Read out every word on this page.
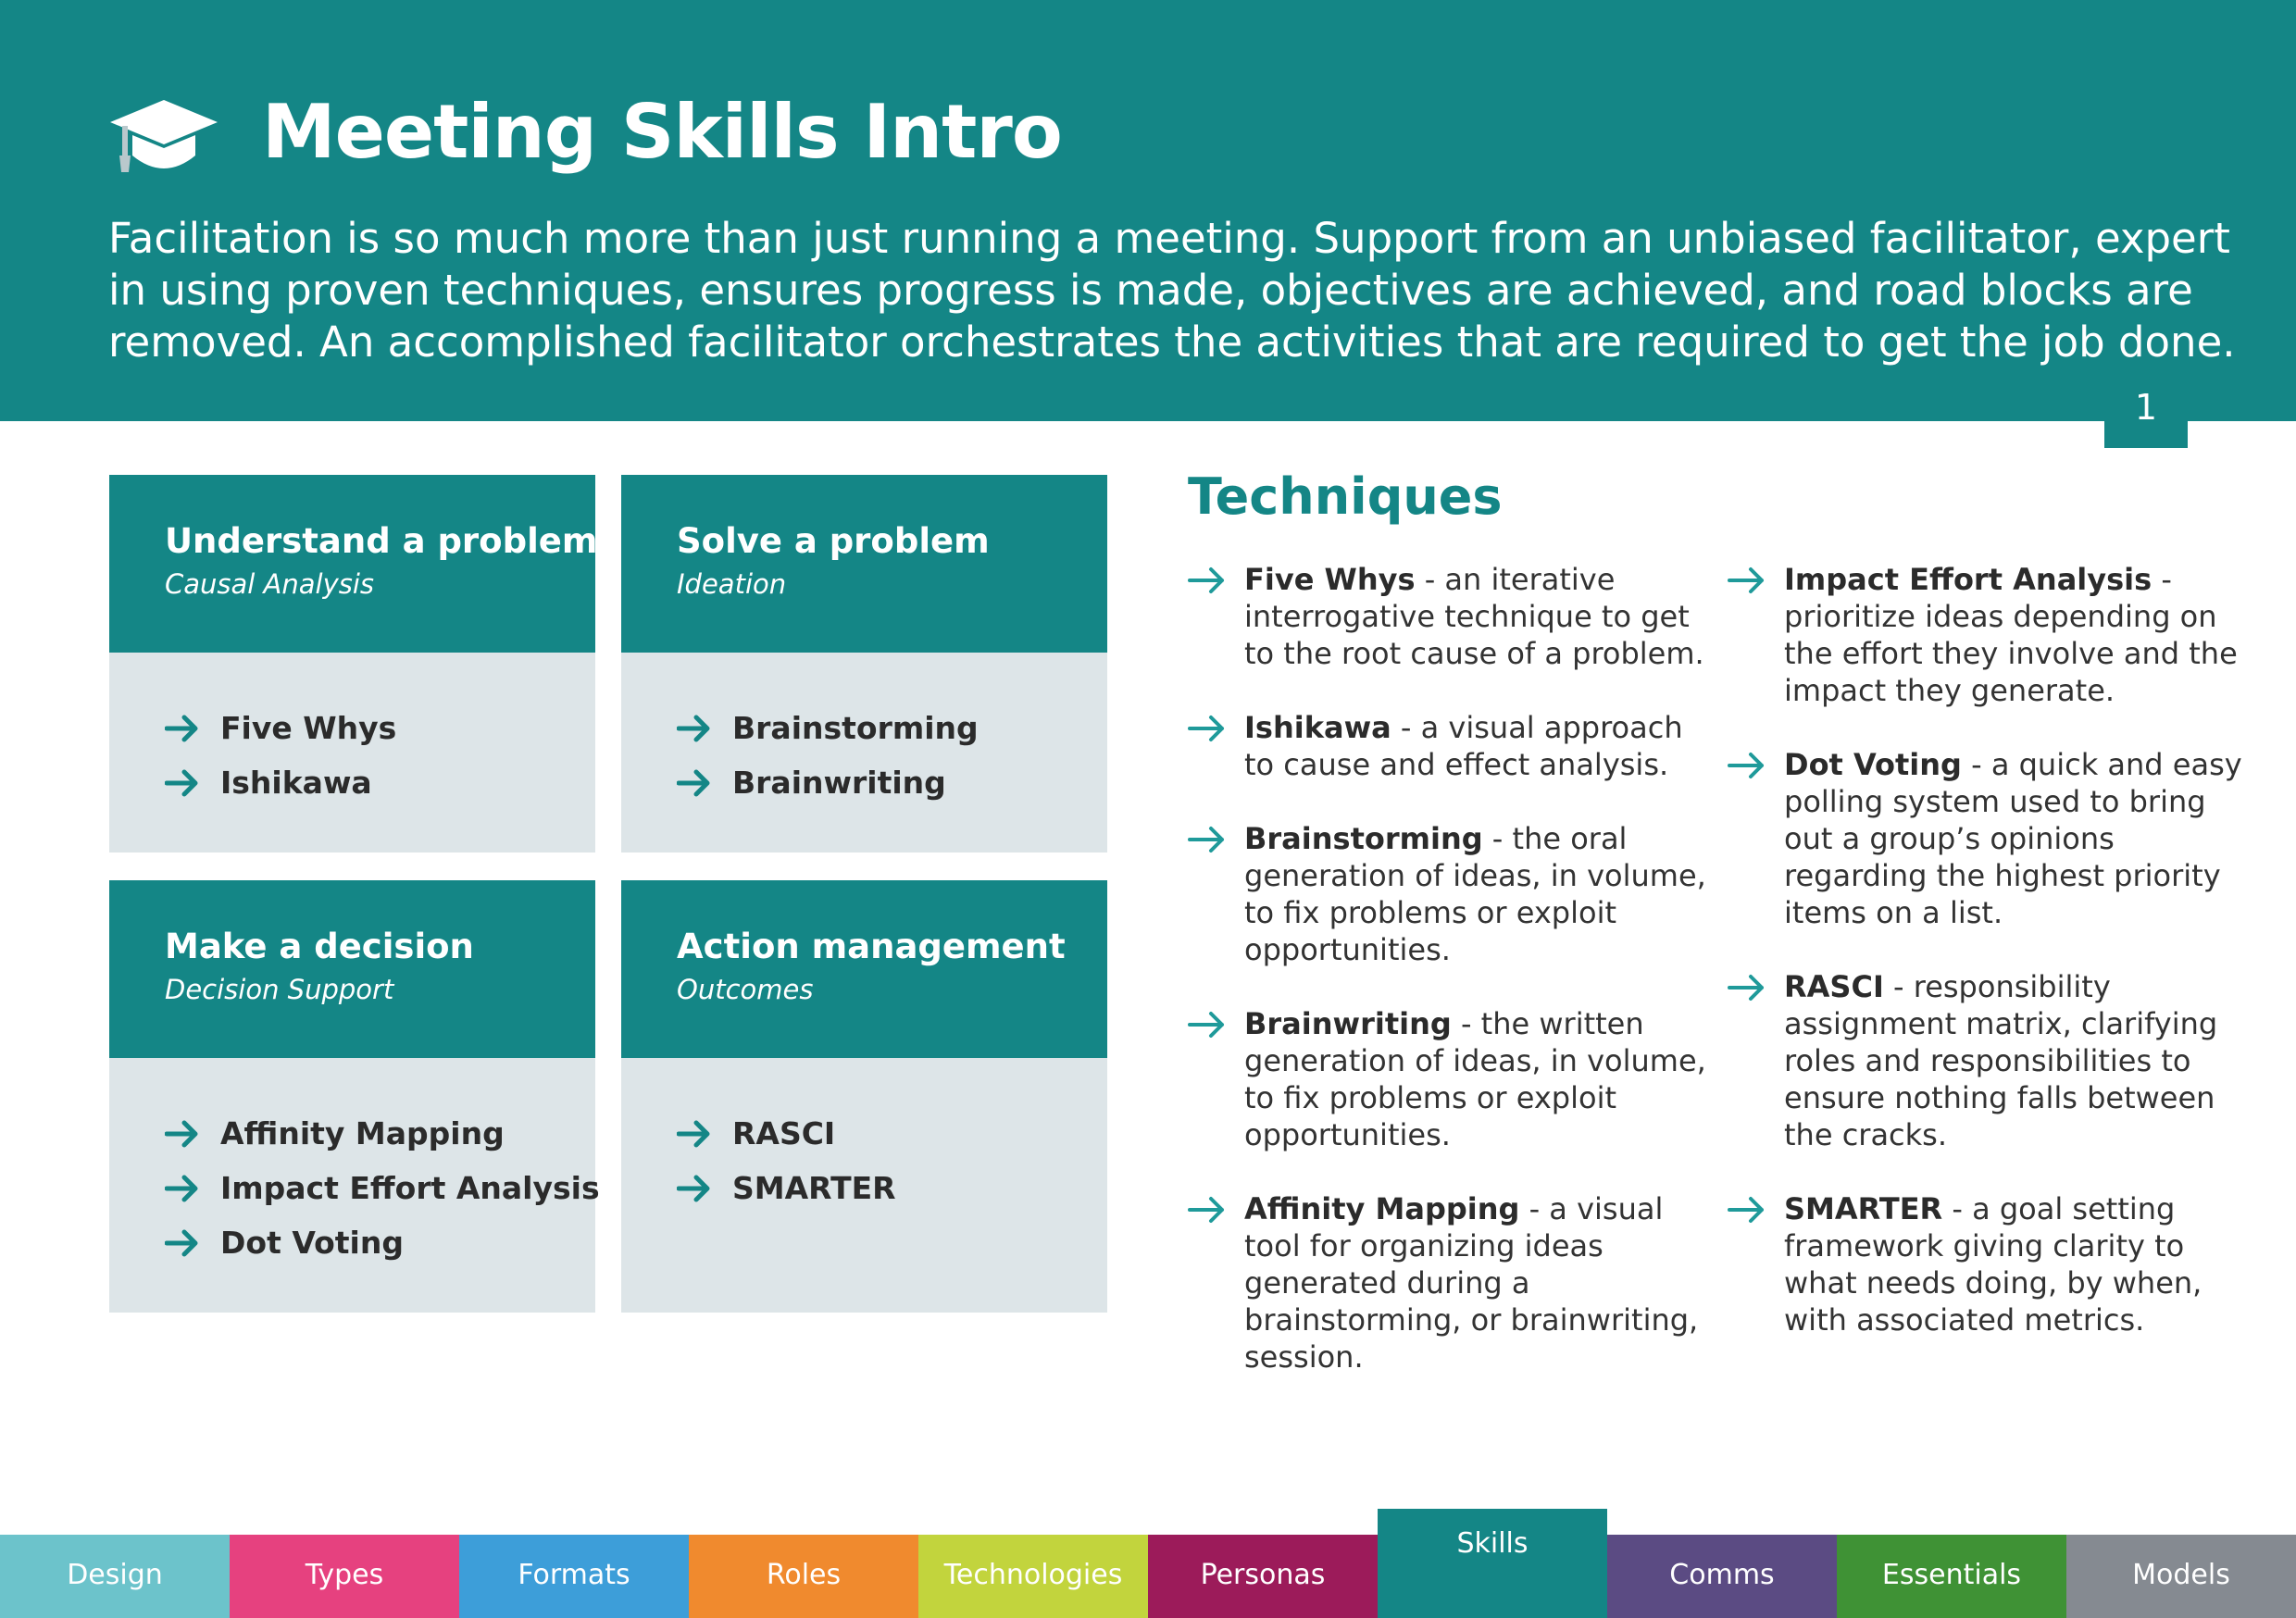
Meeting Skills Intro
Facilitation is so much more than just running a meeting. Support from an unbiased facilitator, expert in using proven techniques, ensures progress is made, objectives are achieved, and road blocks are removed. An accomplished facilitator orchestrates the activities that are required to get the job done.
1
Understand a problem
Causal Analysis
Five Whys
Ishikawa
Solve a problem
Ideation
Brainstorming
Brainwriting
Make a decision
Decision Support
Affinity Mapping
Impact Effort Analysis
Dot Voting
Action management
Outcomes
RASCI
SMARTER
Techniques
Five Whys - an iterative interrogative technique to get to the root cause of a problem.
Ishikawa - a visual approach to cause and effect analysis.
Brainstorming - the oral generation of ideas, in volume, to fix problems or exploit opportunities.
Brainwriting - the written generation of ideas, in volume, to fix problems or exploit opportunities.
Affinity Mapping - a visual tool for organizing ideas generated during a brainstorming, or brainwriting, session.
Impact Effort Analysis - prioritize ideas depending on the effort they involve and the impact they generate.
Dot Voting - a quick and easy polling system used to bring out a group’s opinions regarding the highest priority items on a list.
RASCI - responsibility assignment matrix, clarifying roles and responsibilities to ensure nothing falls between the cracks.
SMARTER - a goal setting framework giving clarity to what needs doing, by when, with associated metrics.
Design	Types	Formats	Roles	Technologies	Personas
Skills
Comms	Essentials	Models
